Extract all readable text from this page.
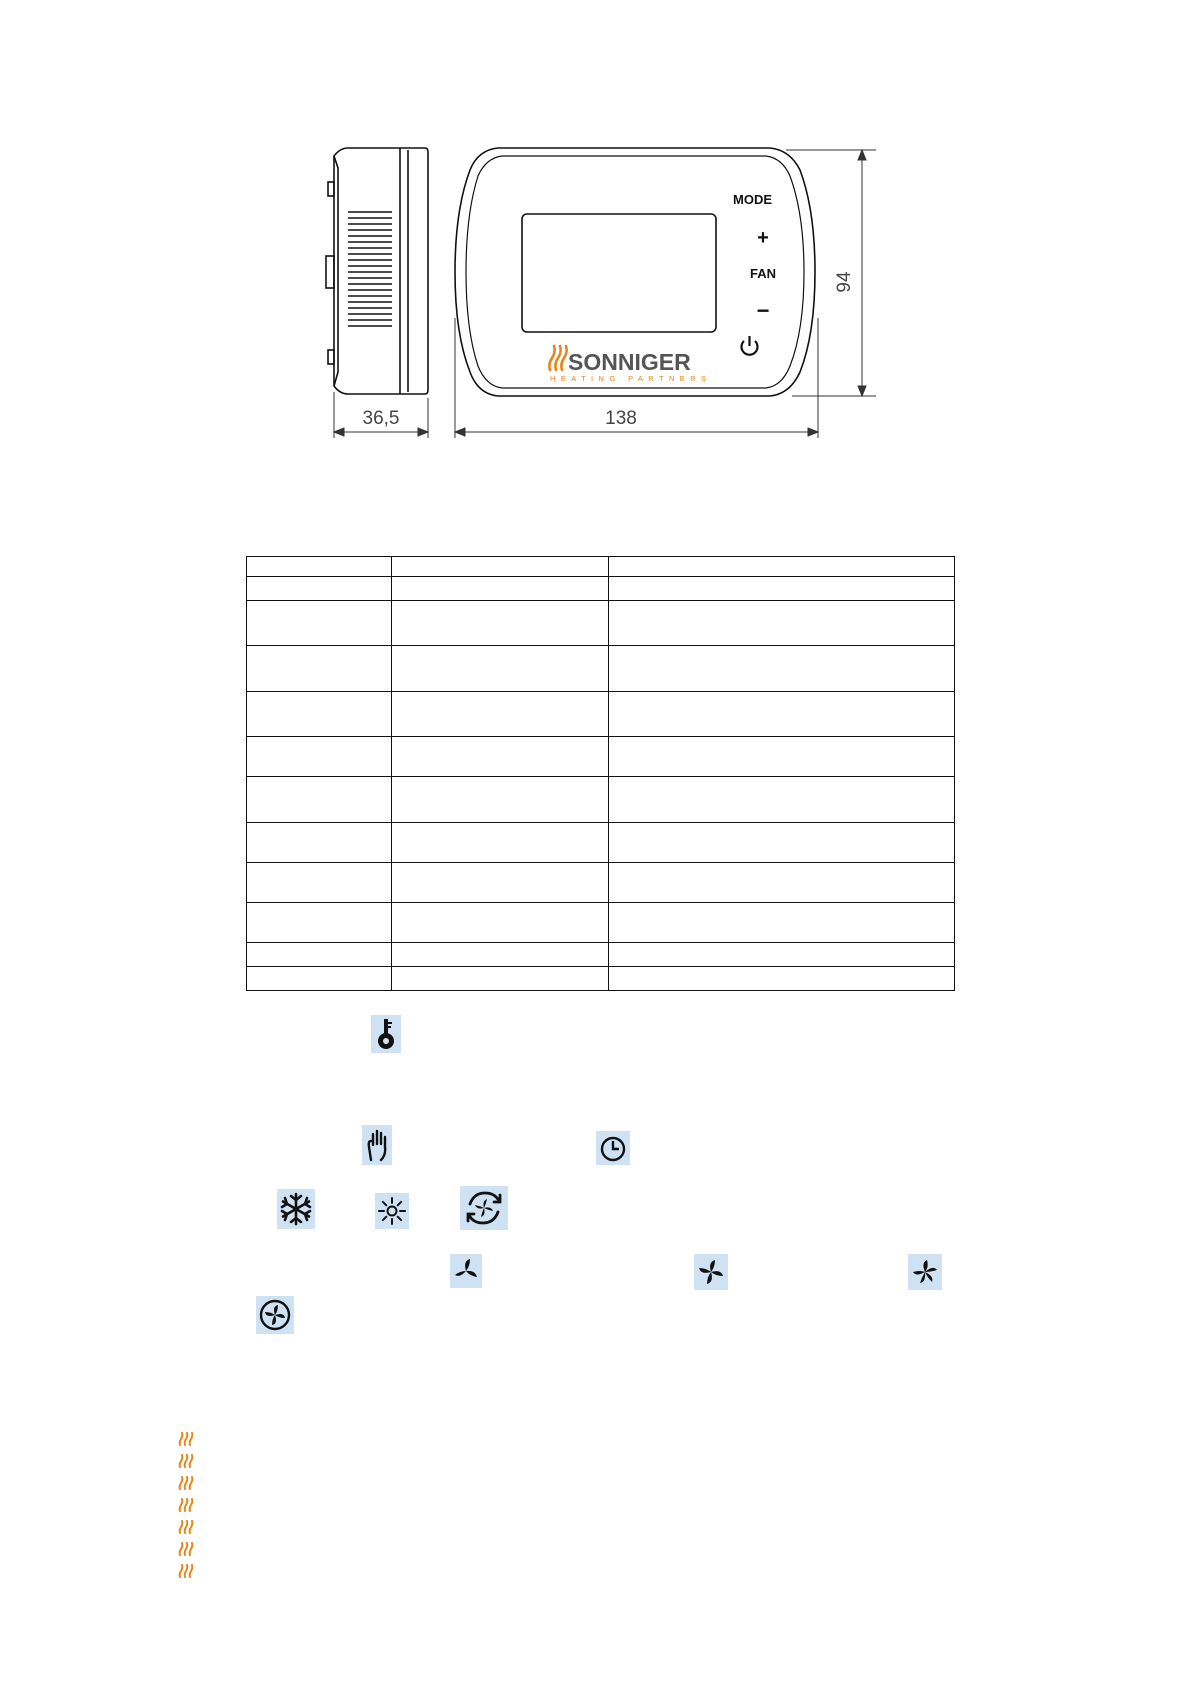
MODE
+
FAN
−
SONNIGER
HEATING PARTNERS
36,5	138
94
